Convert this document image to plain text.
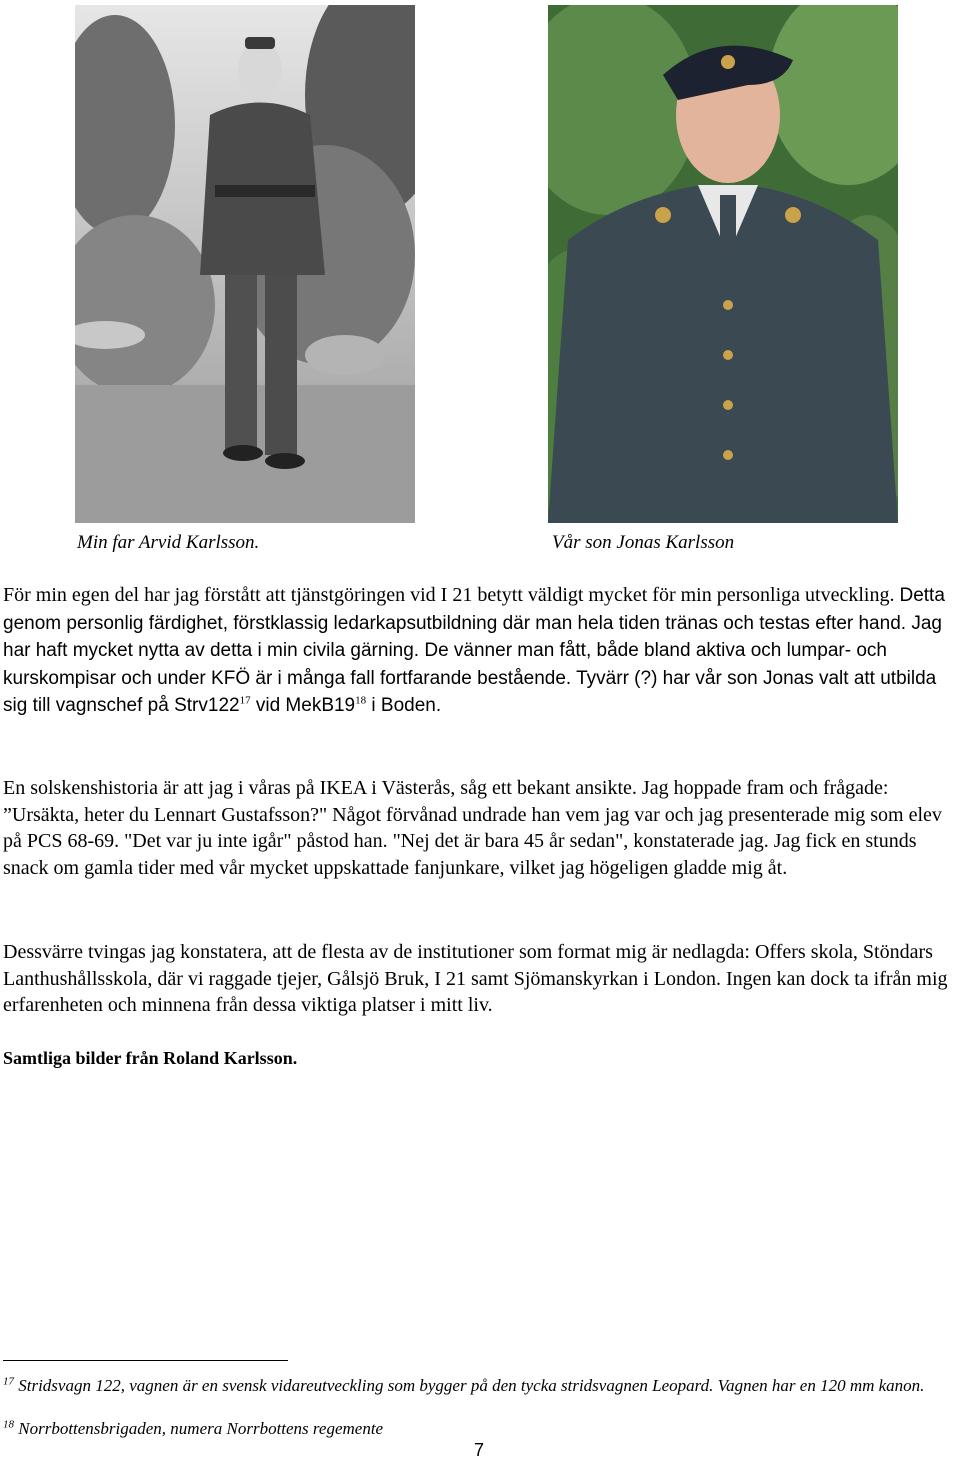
Min far Arvid Karlsson.	Vår son Jonas Karlsson

För min egen del har jag förstått att tjänstgöringen vid I 21 betytt väldigt mycket för min personliga utveckling. Detta genom personlig färdighet, förstklassig ledarkapsutbildning där man hela tiden tränas och testas efter hand. Jag har haft mycket nytta av detta i min civila gärning. De vänner man fått, både bland aktiva och lumpar- och kurskompisar och under KFÖ är i många fall fortfarande bestående. Tyvärr (?) har vår son Jonas valt att utbilda sig till vagnschef på $Strv122^{17}$ vid $MekB19^{18}$ i Boden.

En solskenshistoria är att jag i våras på IKEA i Västerås, såg ett bekant ansikte. Jag hoppade fram och frågade: ”Ursäkta, heter du Lennart Gustafsson?" Något förvånad undrade han vem jag var och jag presenterade mig som elev på PCS 68-69. "Det var ju inte igår" påstod han. "Nej det är bara 45 år sedan", konstaterade jag. Jag fick en stunds snack om gamla tider med vår mycket uppskattade fanjunkare, vilket jag högeligen gladde mig åt.

Dessvärre tvingas jag konstatera, att de flesta av de institutioner som format mig är nedlagda: Offers skola, Stöndars Lanthushållsskola, där vi raggade tjejer, Gålsjö Bruk, I 21 samt Sjömanskyrkan i London. Ingen kan dock ta ifrån mig erfarenheten och minnena från dessa viktiga platser i mitt liv.

Samtliga bilder från Roland Karlsson.
$^{17}$ Stridsvagn 122, vagnen är en svensk vidareutveckling som bygger på den tycka stridsvagnen Leopard. Vagnen har en 120 mm kanon.
$^{18}$ Norrbottensbrigaden, numera Norrbottens regemente
7
